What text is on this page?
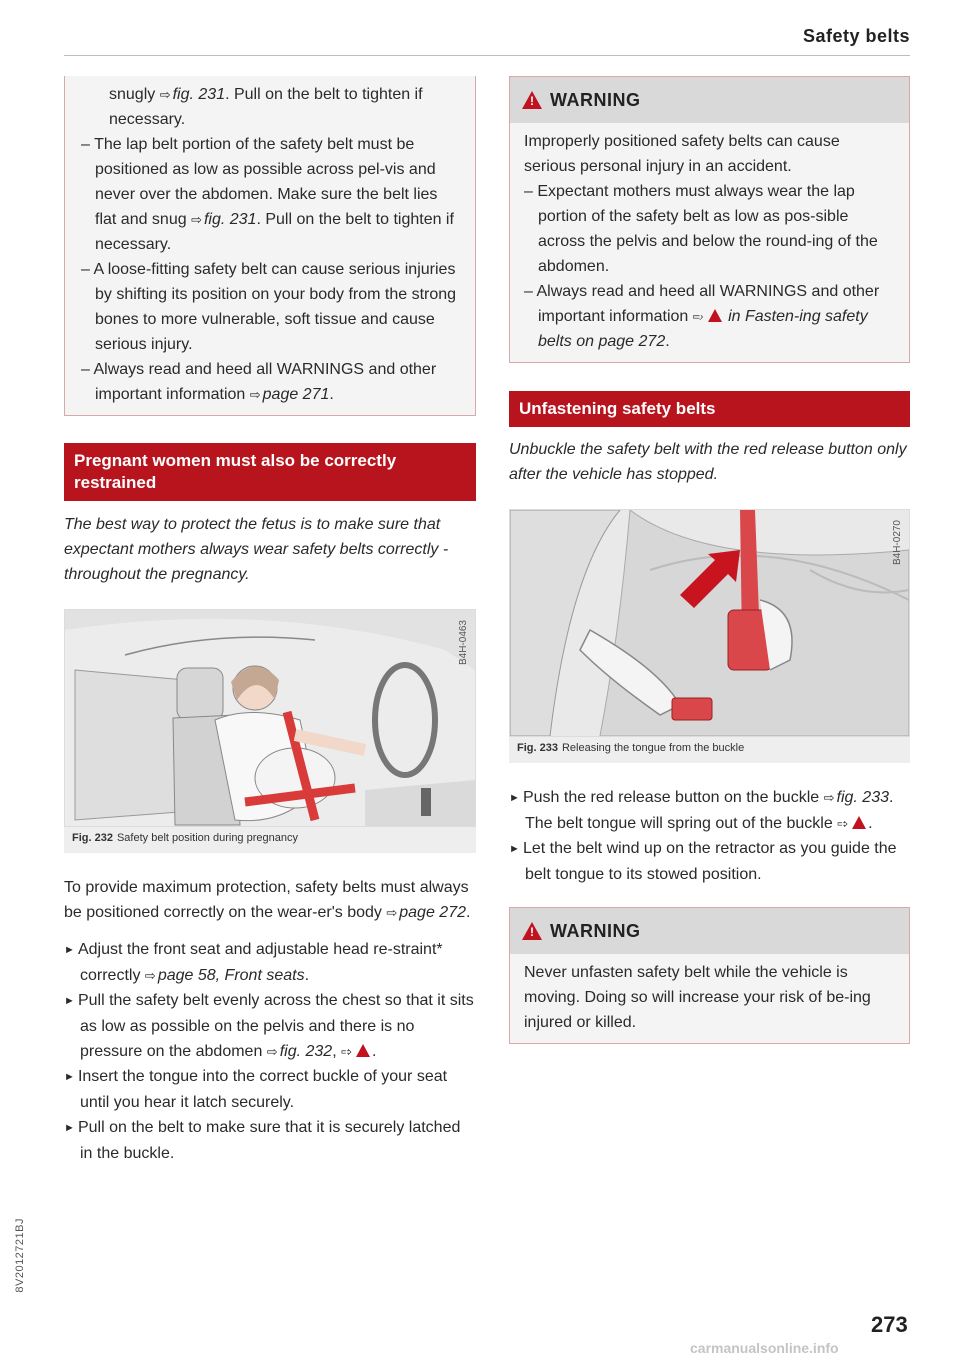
Safety belts

snugly ⇨ fig. 231. Pull on the belt to tighten if necessary.

– The lap belt portion of the safety belt must be positioned as low as possible across pel-vis and never over the abdomen. Make sure the belt lies flat and snug ⇨ fig. 231. Pull on the belt to tighten if necessary.
– A loose-fitting safety belt can cause serious injuries by shifting its position on your body from the strong bones to more vulnerable, soft tissue and cause serious injury.
– Always read and heed all WARNINGS and other important information ⇨ page 271.
Pregnant women must also be correctly restrained

The best way to protect the fetus is to make sure that expectant mothers always wear safety belts correctly - throughout the pregnancy.

B4H-0463
Fig. 232 Safety belt position during pregnancy

To provide maximum protection, safety belts must always be positioned correctly on the wear-er's body ⇨ page 272.

► Adjust the front seat and adjustable head re-straint* correctly ⇨ page 58, Front seats.
► Pull the safety belt evenly across the chest so that it sits as low as possible on the pelvis and there is no pressure on the abdomen ⇨ fig. 232, ⇨ ! .
► Insert the tongue into the correct buckle of your seat until you hear it latch securely.
► Pull on the belt to make sure that it is securely latched in the buckle.
!
WARNING

Improperly positioned safety belts can cause serious personal injury in an accident.

– Expectant mothers must always wear the lap portion of the safety belt as low as pos-sible across the pelvis and below the round-ing of the abdomen.
– Always read and heed all WARNINGS and other important information ⇨ ! in Fasten-ing safety belts on page 272.
Unfastening safety belts

Unbuckle the safety belt with the red release button only after the vehicle has stopped.

B4H-0270
Fig. 233 Releasing the tongue from the buckle
► Push the red release button on the buckle ⇨ fig. 233. The belt tongue will spring out of the buckle ⇨! .
► Let the belt wind up on the retractor as you guide the belt tongue to its stowed position.
!
WARNING

Never unfasten safety belt while the vehicle is moving. Doing so will increase your risk of be-ing injured or killed.

8V2012721BJ
273
carmanualsonline.info
